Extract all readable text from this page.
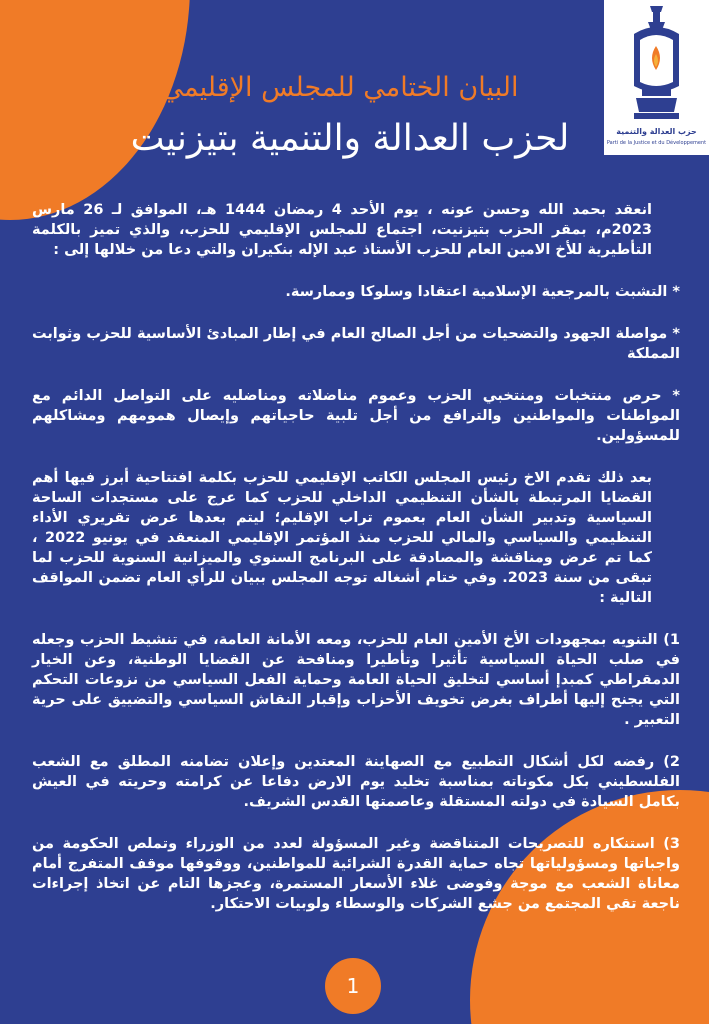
حزب العدالة والتنمية
Parti de la Justice et du Développement
البيان الختامي للمجلس الإقليمي
لحزب العدالة والتنمية بتيزنيت

انعقد بحمد الله وحسن عونه ، يوم الأحد 4 رمضان 1444 هـ، الموافق لـ 26 مارس 2023م، بمقر الحزب بتيزنيت، اجتماع للمجلس الإقليمي للحزب، والذي تميز بالكلمة التأطيرية للأخ الامين العام للحزب الأستاذ عبد الإله بنكيران والتي دعا من خلالها إلى :

* التشبث بالمرجعية الإسلامية اعتقادا وسلوكا وممارسة.

* مواصلة الجهود والتضحيات من أجل الصالح العام في إطار المبادئ الأساسية للحزب وثوابت المملكة

* حرص منتخبات ومنتخبي الحزب وعموم مناضلاته ومناضليه على التواصل الدائم مع المواطنات والمواطنين والترافع من أجل تلبية حاجياتهم وإيصال همومهم ومشاكلهم للمسؤولين.

بعد ذلك تقدم الاخ رئيس المجلس الكاتب الإقليمي للحزب بكلمة افتتاحية أبرز فيها أهم القضايا المرتبطة بالشأن التنظيمي الداخلي للحزب كما عرج على مستجدات الساحة السياسية وتدبير الشأن العام بعموم تراب الإقليم؛ ليتم بعدها عرض تقريري الأداء التنظيمي والسياسي والمالي للحزب منذ المؤتمر الإقليمي المنعقد في يونيو 2022 ، كما تم عرض ومناقشة والمصادقة على البرنامج السنوي والميزانية السنوية للحزب لما تبقى من سنة 2023. وفي ختام أشغاله توجه المجلس ببيان للرأي العام تضمن المواقف التالية :

1) التنويه بمجهودات الأخ الأمين العام للحزب، ومعه الأمانة العامة، في تنشيط الحزب وجعله في صلب الحياة السياسية تأثيرا وتأطيرا ومنافحة عن القضايا الوطنية، وعن الخيار الدمقراطي كمبدإ أساسي لتخليق الحياة العامة وحماية الفعل السياسي من نزوعات التحكم التي يجنح إليها أطراف بغرض تخويف الأحزاب وإقبار النقاش السياسي والتضييق على حرية التعبير .

2) رفضه لكل أشكال التطبيع مع الصهاينة المعتدين وإعلان تضامنه المطلق مع الشعب الفلسطيني بكل مكوناته بمناسبة تخليد يوم الارض دفاعا عن كرامته وحريته في العيش بكامل السيادة في دولته المستقلة وعاصمتها القدس الشريف.

3) استنكاره للتصريحات المتناقضة وغير المسؤولة لعدد من الوزراء وتملص الحكومة من واجباتها ومسؤولياتها تجاه حماية القدرة الشرائية للمواطنين، ووقوفها موقف المتفرج أمام معاناة الشعب مع موجة وفوضى غلاء الأسعار المستمرة، وعجزها التام عن اتخاذ إجراءات ناجعة تقي المجتمع من جشع الشركات والوسطاء ولوبيات الاحتكار.

1
